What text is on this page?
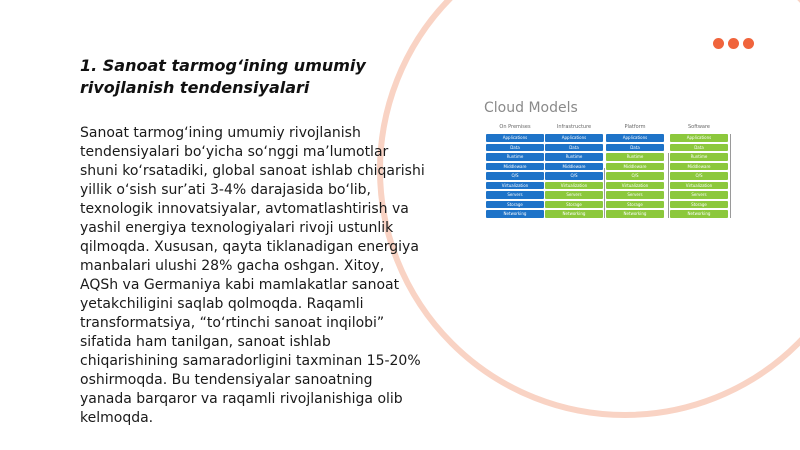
1. Sanoat tarmog‘ining umumiy rivojlanish tendensiyalari

Sanoat tarmog‘ining umumiy rivojlanish tendensiyalari bo‘yicha so‘nggi ma’lumotlar shuni ko‘rsatadiki, global sanoat ishlab chiqarishi yillik o‘sish sur’ati 3-4% darajasida bo‘lib, texnologik innovatsiyalar, avtomatlashtirish va yashil energiya texnologiyalari rivoji ustunlik qilmoqda. Xususan, qayta tiklanadigan energiya manbalari ulushi 28% gacha oshgan. Xitoy, AQSh va Germaniya kabi mamlakatlar sanoat yetakchiligini saqlab qolmoqda. Raqamli transformatsiya, “to‘rtinchi sanoat inqilobi” sifatida ham tanilgan, sanoat ishlab chiqarishining samaradorligini taxminan 15-20% oshirmoqda. Bu tendensiyalar sanoatning yanada barqaror va raqamli rivojlanishiga olib kelmoqda.

Cloud Models

On Premises
Applications
Data
Runtime
Middleware
O/S
Virtualization
Servers
Storage
Networking
Infrastructure
Applications
Data
Runtime
Middleware
O/S
Virtualization
Servers
Storage
Networking
Platform
Applications
Data
Runtime
Middleware
O/S
Virtualization
Servers
Storage
Networking
Software
Applications
Data
Runtime
Middleware
O/S
Virtualization
Servers
Storage
Networking
